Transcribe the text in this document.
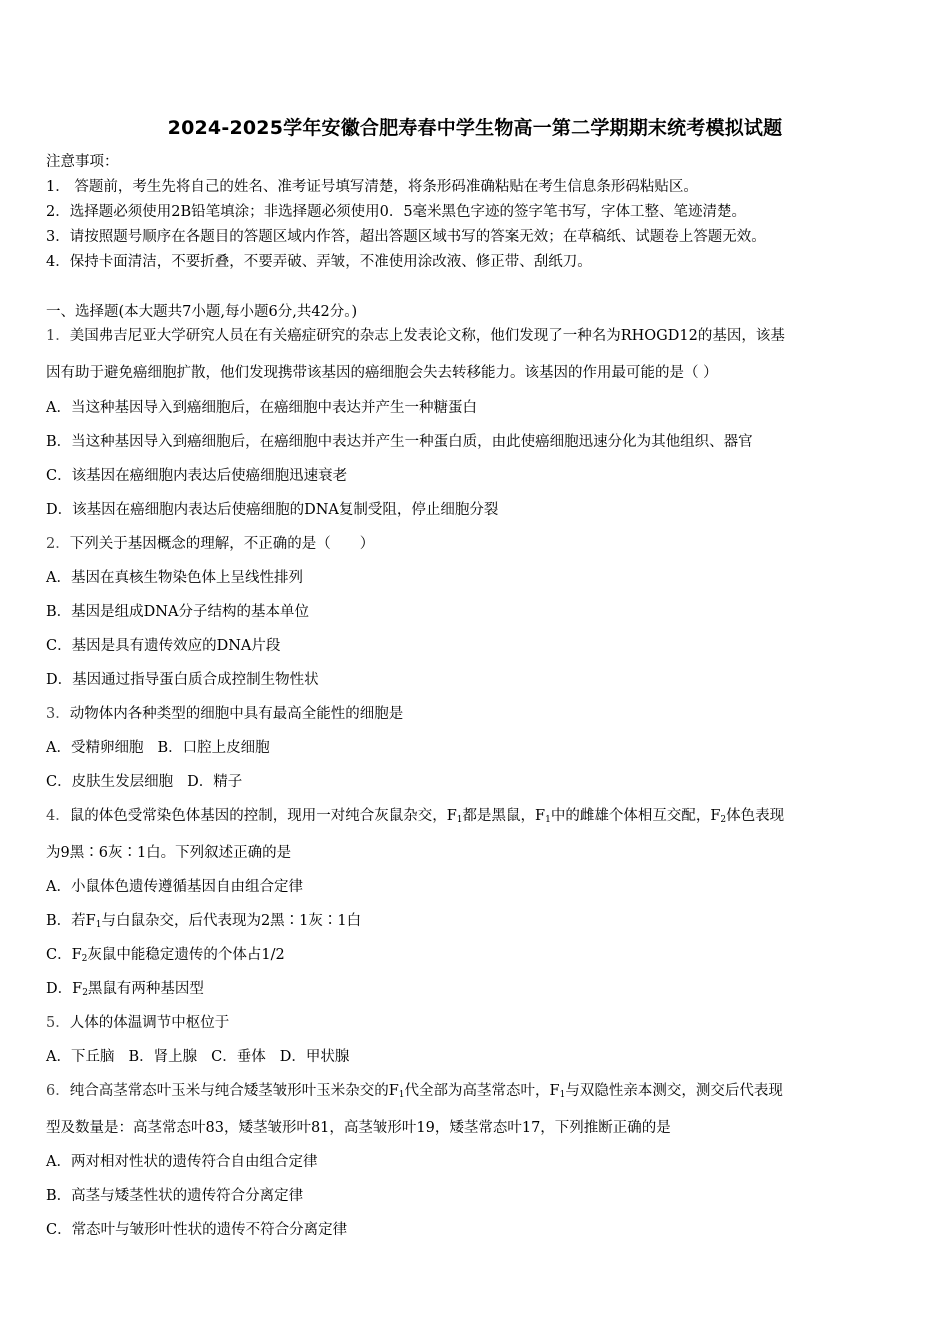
2024-2025学年安徽合肥寿春中学生物高一第二学期期末统考模拟试题
注意事项：
1． 答题前，考生先将自己的姓名、准考证号填写清楚，将条形码准确粘贴在考生信息条形码粘贴区。
2．选择题必须使用2B铅笔填涂；非选择题必须使用0．5毫米黑色字迹的签字笔书写，字体工整、笔迹清楚。
3．请按照题号顺序在各题目的答题区域内作答，超出答题区域书写的答案无效；在草稿纸、试题卷上答题无效。
4．保持卡面清洁，不要折叠，不要弄破、弄皱，不准使用涂改液、修正带、刮纸刀。
一、选择题(本大题共7小题,每小题6分,共42分。)
1．美国弗吉尼亚大学研究人员在有关癌症研究的杂志上发表论文称，他们发现了一种名为RHOGD12的基因，该基
因有助于避免癌细胞扩散，他们发现携带该基因的癌细胞会失去转移能力。该基因的作用最可能的是（ ）
A．当这种基因导入到癌细胞后，在癌细胞中表达并产生一种糖蛋白
B．当这种基因导入到癌细胞后，在癌细胞中表达并产生一种蛋白质，由此使癌细胞迅速分化为其他组织、器官
C．该基因在癌细胞内表达后使癌细胞迅速衰老
D．该基因在癌细胞内表达后使癌细胞的DNA复制受阻，停止细胞分裂
2．下列关于基因概念的理解，不正确的是（　　）
A．基因在真核生物染色体上呈线性排列
B．基因是组成DNA分子结构的基本单位
C．基因是具有遗传效应的DNA片段
D．基因通过指导蛋白质合成控制生物性状
3．动物体内各种类型的细胞中具有最高全能性的细胞是
A．受精卵细胞 B．口腔上皮细胞
C．皮肤生发层细胞 D．精子
4．鼠的体色受常染色体基因的控制，现用一对纯合灰鼠杂交，$F_1$都是黑鼠，$F_1$中的雌雄个体相互交配，$F_2$体色表现
为9黑∶6灰∶1白。下列叙述正确的是
A．小鼠体色遗传遵循基因自由组合定律
B．若$F_1$与白鼠杂交，后代表现为2黑∶1灰∶1白
C．$F_2$灰鼠中能稳定遗传的个体占1/2
D．$F_2$黑鼠有两种基因型
5．人体的体温调节中枢位于
A．下丘脑 B．肾上腺 C．垂体 D．甲状腺
6．纯合高茎常态叶玉米与纯合矮茎皱形叶玉米杂交的$F_1$代全部为高茎常态叶，$F_1$与双隐性亲本测交，测交后代表现
型及数量是：高茎常态叶83，矮茎皱形叶81，高茎皱形叶19，矮茎常态叶17，下列推断正确的是
A．两对相对性状的遗传符合自由组合定律
B．高茎与矮茎性状的遗传符合分离定律
C．常态叶与皱形叶性状的遗传不符合分离定律
